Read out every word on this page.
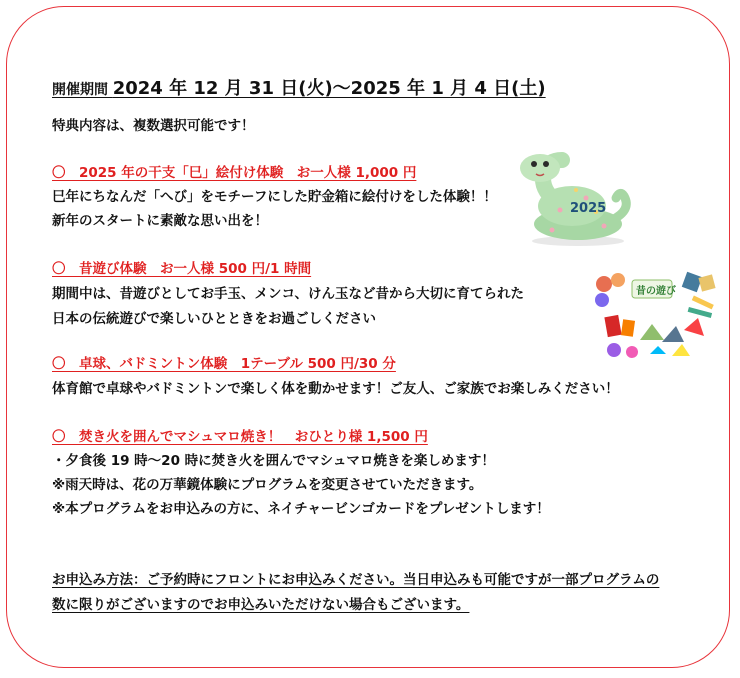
開催期間 2024 年 12 月 31 日(火)～2025 年 1 月 4 日(土)
特典内容は、複数選択可能です！
〇　2025 年の干支「巳」絵付け体験　お一人様 1,000 円
巳年にちなんだ「へび」をモチーフにした貯金箱に絵付けをした体験！！
新年のスタートに素敵な思い出を！
〇　昔遊び体験　お一人様 500 円/1 時間
期間中は、昔遊びとしてお手玉、メンコ、けん玉など昔から大切に育てられた
日本の伝統遊びで楽しいひとときをお過ごしください
〇　卓球、バドミントン体験　1テーブル 500 円/30 分
体育館で卓球やバドミントンで楽しく体を動かせます！ご友人、ご家族でお楽しみください！
〇　焚き火を囲んでマシュマロ焼き！　おひとり様 1,500 円
・夕食後 19 時～20 時に焚き火を囲んでマシュマロ焼きを楽しめます！
※雨天時は、花の万華鏡体験にプログラムを変更させていただきます。
※本プログラムをお申込みの方に、ネイチャービンゴカードをプレゼントします！
お申込み方法：ご予約時にフロントにお申込みください。当日申込みも可能ですが一部プログラムの
数に限りがございますのでお申込みいただけない場合もございます。
2025
昔の遊び
